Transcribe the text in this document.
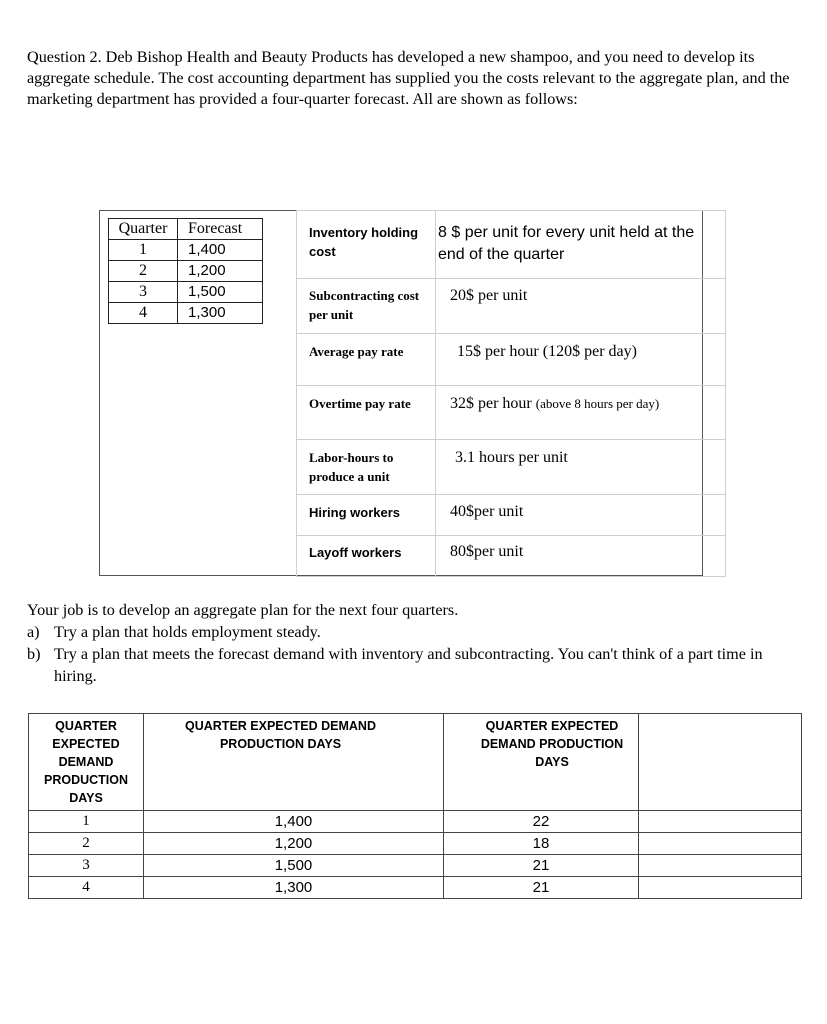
Question 2. Deb Bishop Health and Beauty Products has developed a new shampoo, and you need to develop its aggregate schedule. The cost accounting department has supplied you the costs relevant to the aggregate plan, and the marketing department has provided a four-quarter forecast. All are shown as follows:

Quarter	Forecast
1	1,400
2	1,200
3	1,500
4	1,300
Inventory holding cost	8 $ per unit for every unit held at the end of the quarter
Subcontracting cost per unit	20$ per unit
Average pay rate	15$ per hour (120$ per day)
Overtime pay rate	32$ per hour (above 8 hours per day)
Labor-hours to produce a unit	3.1 hours per unit
Hiring workers	40$per unit
Layoff workers	80$per unit
Your job is to develop an aggregate plan for the next four quarters.
a) Try a plan that holds employment steady.
b) Try a plan that meets the forecast demand with inventory and subcontracting. You can't think of a part time in hiring.
QUARTER EXPECTED DEMAND PRODUCTION DAYS	QUARTER EXPECTED DEMAND PRODUCTION DAYS	QUARTER EXPECTED DEMAND PRODUCTION DAYS	

1	1,400	22	
2	1,200	18	
3	1,500	21	
4	1,300	21	
